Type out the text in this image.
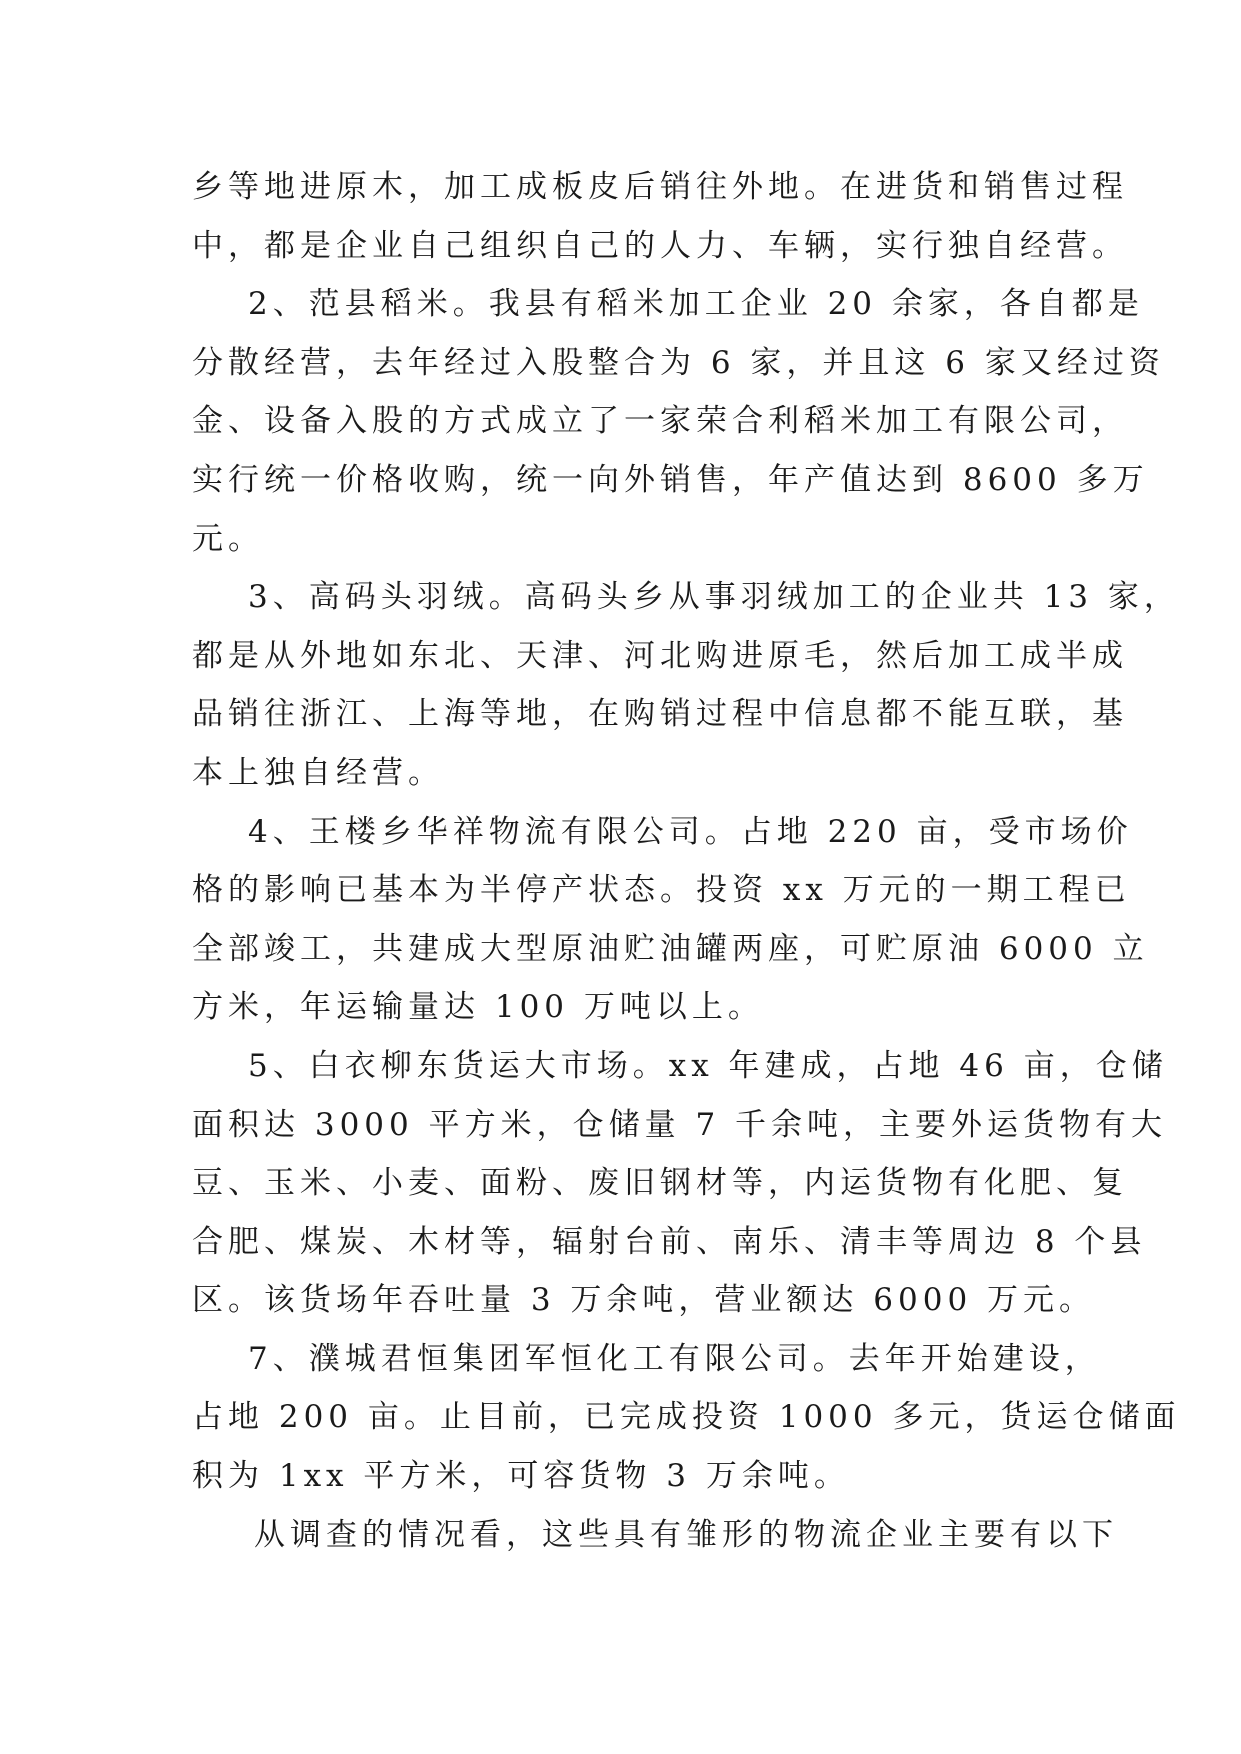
乡等地进原木，加工成板皮后销往外地。在进货和销售过程
中，都是企业自己组织自己的人力、车辆，实行独自经营。
2、范县稻米。我县有稻米加工企业 20 余家，各自都是
分散经营，去年经过入股整合为 6 家，并且这 6 家又经过资
金、设备入股的方式成立了一家荣合利稻米加工有限公司，
实行统一价格收购，统一向外销售，年产值达到 8600 多万
元。
3、高码头羽绒。高码头乡从事羽绒加工的企业共 13 家，
都是从外地如东北、天津、河北购进原毛，然后加工成半成
品销往浙江、上海等地，在购销过程中信息都不能互联，基
本上独自经营。
4、王楼乡华祥物流有限公司。占地 220 亩，受市场价
格的影响已基本为半停产状态。投资 xx 万元的一期工程已
全部竣工，共建成大型原油贮油罐两座，可贮原油 6000 立
方米，年运输量达 100 万吨以上。
5、白衣柳东货运大市场。xx 年建成，占地 46 亩，仓储
面积达 3000 平方米，仓储量 7 千余吨，主要外运货物有大
豆、玉米、小麦、面粉、废旧钢材等，内运货物有化肥、复
合肥、煤炭、木材等，辐射台前、南乐、清丰等周边 8 个县
区。该货场年吞吐量 3 万余吨，营业额达 6000 万元。
7、濮城君恒集团军恒化工有限公司。去年开始建设，
占地 200 亩。止目前，已完成投资 1000 多元，货运仓储面
积为 1xx 平方米，可容货物 3 万余吨。
从调查的情况看，这些具有雏形的物流企业主要有以下
